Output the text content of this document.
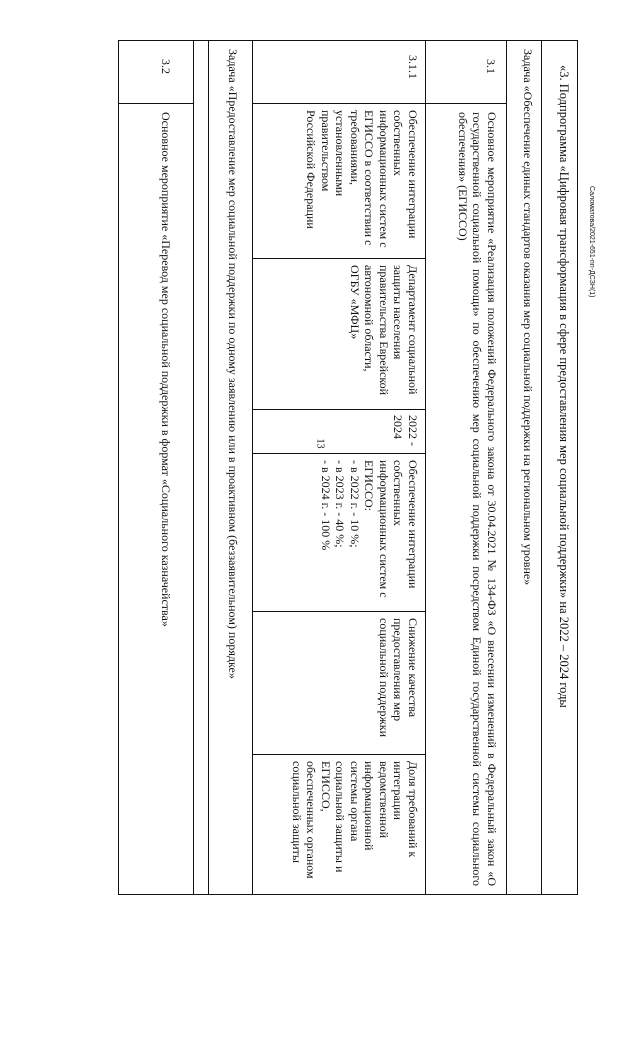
13
Саломатова/2021-651-пп-ДСЗН(1)
«3. Подпрограмма «Цифровая трансформация в сфере предоставления мер социальной поддержки» на 2022 – 2024 годы
Задача «Обеспечение единых стандартов оказания мер социальной поддержки на региональном уровне»
3.1
Основное мероприятие «Реализация положений Федерального закона от 30.04.2021 № 134-ФЗ «О внесении изменений в Федеральный закон «О государственной социальной помощи» по обеспечению мер социальной поддержки посредством Единой государственной системы социального обеспечения» (ЕГИССО)
3.1.1
Обеспечение интеграции собственных информационных систем с ЕГИССО в соответствии с требованиями, установленными правительством Российской Федерации
Департамент социальной защиты населения правительства Еврейской автономной области, ОГБУ «МФЦ»
2022 - 2024
Обеспечение интеграции собственных информационных систем с ЕГИССО:
- в 2022 г. - 10 %;
- в 2023 г. - 40 %;
- в 2024 г. - 100 %
Снижение качества предоставления мер социальной поддержки
Доля требований к интеграции ведомственной информационной системы органа социальной защиты и ЕГИССО, обеспеченных органом социальной защиты
Задача «Предоставление мер социальной поддержки по одному заявлению или в проактивном (беззаявительном) порядке»
3.2
Основное мероприятие «Перевод мер социальной поддержки в формат «Социального казначейства»
